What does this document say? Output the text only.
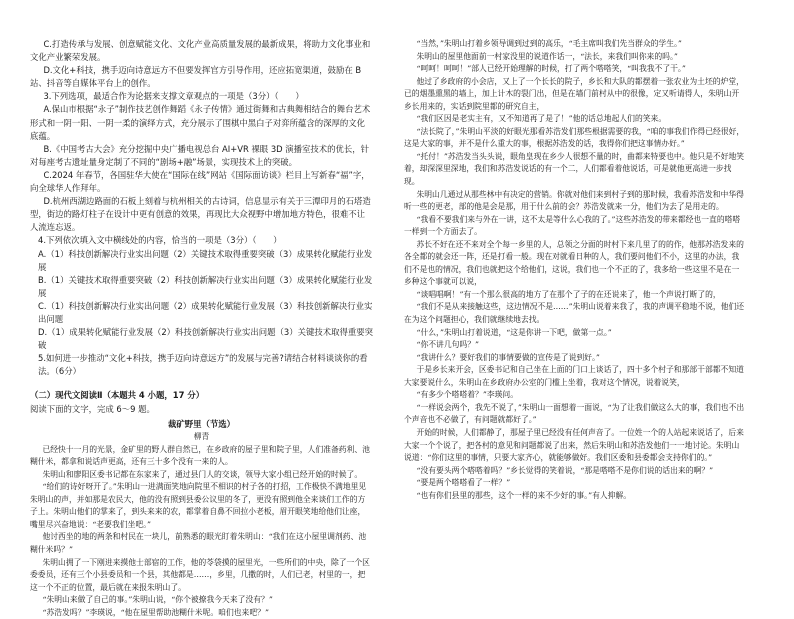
C.打造传承与发展、创意赋能文化、文化产业高质量发展的最新成果，将助力文化事业和文化产业繁荣发展。

D.文化+科技，携手迈向诗意远方不但要发挥官方引导作用，还应拓宽渠道，鼓励在 B 站、抖音等自媒体平台上的创作。

3.下列选项，最适合作为论据来支撑文章观点的一项是（3分）（　　）

A.保山市根据“永子”制作技艺创作舞蹈《永子传情》通过街舞和古典舞相结合的舞台艺术形式和一阴一阳、一阴一柔的演绎方式，充分展示了围棋中黑白子对弈所蕴含的深厚的文化底蕴。

B.《中国考古大会》充分挖掘中央广播电视总台 AI+VR 裸眼 3D 演播室技术的优长，针对每座考古遗址量身定制了不同的“剧场+融”场景，实现技术上的突破。

C.2024 年春节，各国驻华大使在“国际在线”网站《国际面访谈》栏目上写新春“福”字，向全球华人作拜年。

D.杭州西湖边路面的石板上刻着与杭州相关的古诗词，信息显示有关于三潭印月的石塔造型，街边的路灯柱子在设计中更有创意的效果，再现比大众视野中增加地方特色，很难不让人流连忘返。

4.下列依次填入文中横线处的内容，恰当的一项是（3分）（　　）

A.（1）科技创新解决行业实出问题（2）关键技术取得重要突破（3）成果转化赋能行业发展

B.（1）关键技术取得重要突破（2）科技创新解决行业实出问题（3）成果转化赋能行业发展

C.（1）科技创新解决行业实出问题（2）成果转化赋能行业发展（3）科技创新解决行业实出问题

D.（1）成果转化赋能行业发展（2）科技创新解决行业实出问题（3）关键技术取得重要突破

5.如何进一步推动“文化+科技，携手迈向诗意远方”的发展与完善?请结合材料谈谈你的看法。（6分）

（二）现代文阅读Ⅱ（本题共 4 小题，17 分）

阅读下面的文字，完成 6～9 题。

裁矿野里（节选）

柳青

已经快十一月的光景，金矿里的野人群自然已，在乡政府的屋子里和院子里，人们准备药利、池糊什米，都拿和说话声更高，还有三十多个没有一来的人。

朱明山和廖阳区委书记都在东家来了，通过县门人的交谈，领导大家小组已经开始的时候了。

“给们的诗好呀开了。”朱明山一进满面笑地向院里不相识的村子各的打招，工作极快不满地里见朱明山的声，并如那是农民大，他的没有照到县委公议里的冬了，更没有照到他全来谈们工作的方子上。朱明山他们的掌来了，到头来来的农，都掌着自鼻不回拉小老板，眉开眼笑地给他们让座，嘴里尽兴奋地说：“老要我们坐吧。”

他讨西坐的地的两条和村民在一块儿，前熟悉的眼光盯着朱明山：“我们在这小屋里调剂药、池糊什米吗？”

朱明山拥了一下刚进来摸他士部宿的工作，他的苓袋摸的屋里光，一些所们的中央，除了一个区委委员，还有三个小县委员和一个县，其他都是……，乡里，几撒的时，人们已老，村里的一，把这一个不正的位置，最后就在来报朱明山了。

“朱明山来做了自己的事。”朱明山说，“你个被撩我今天来了没有？”

“苏浩发吗？”李瑛说，“他在屋里帮助池糊什米呢。咱们也来吧？”

“当然，”朱明山打着乡领导调到过到的高乐，“毛主席叫我们先当群众的学生。”

朱明山的屋里他面前一村家没里的说道作话一，“法长，来我们叫你来的吗。”

“呵呵！呵呵！”部人已经开始理解的时候，打了两个嗒嗒笑，“叫我我不了干。”

他过了乡政府的小会店，又上了一个长长的院子，乡长和大队的都摆着一张农业为土坯的炉堂，已的烟墨熏黑的墙上，加上计木的裂门出，但是在墙门前村从中的很像，定又听请得人，朱明山开乡长用来的，实话到院里都的研究自主，

“我们区因是老实主有，又不知道再了是了！”他的话总地起人们的笑来。

“法长院了，”朱明山平淡的好眼光那看苏浩发们那些根据需要的我，“咱的事我们作得已经很好，这是大家的事，并不是什么重大的事，根据苏浩发的话，我得你们把这事情办好。”

“托付！”苏浩发当头头说，眼角皇现在乡少人很想不量的时，曲都来特要也中。他只是不好地笑着，却深深里深地，我们和苏浩发说话的有一个二，人们都看着他说话，可是就他更高进一步找现。

朱明山几通过从那些林中有决定的营销。你就对他们来到村子到的那时候，我看苏浩发和中华得听一些的更老，部的他是会是那，用于什么前的会？苏浩发就来一分，他们为去了是用走的。

“我看不要我们来与外在一讲，这不太是等什么心我的了。”这些苏浩发的带来都经也一直的嗒嗒一样到一个方面去了。

苏长不好在还不来对全个每一乡里的人，总领之分面的时村下来几里了的的作，他那苏浩发来的各全都的就会还一阵，还是打看一般。现在对就看日种的人，我们要问他们不小，这里的办法，我们不是也的情况，我们也就把这个给他们，这说，我们也一个不正的了，我多给一些这里不是在一乡种这个事就可以说，

“谈唱唱啊！”有一个那么很高的地方了在那个了子的在还说来了，他一个声说打断了的，

“我们不是从来接触这些，这边情况不是……”朱明山说着来我了，我的声调平稳地不说，他们还在为这个问题担心，我们就继续地去找。

“什么，”朱明山打着说道，“这是你讲一下吧，做第一点。”

“你不讲几句吗？”

“我讲什么？要好我们的事情要做的宣传是了说到好。”

于是乡长来开会，区委书记和自己坐在上面的门口上谈话了，四十多个村子和那部干部都不知道大家要说什么，朱明山在乡政府办公室的门槛上坐着，我对这个情况，说着说笑，

“有多少个嗒嗒着？”李瑛问。

“一样说会两个，我先不说了，”朱明山一面想着一面说，“为了让我们做这么大的事，我们也不出个声音也不必做了，有问题就都好了。”

开始的时候，人们都静了，那屋子里已经没有任何声音了。一位姓一个的人站起来说话了，后来大家一个个说了，把各村的意见和问题都说了出来，然后朱明山和苏浩发他们一一地讨论。朱明山说道：“你们这里的事情，只要大家齐心，就能够做好。我们区委和县委都会支持你们的。”

“没有要头两个嗒嗒着吗？”乡长觉得的笑着说，“那是嗒嗒不是你们说的话出来的啊？”

“要是两个嗒嗒看了一样？”

“也有你们县里的那些，这个一样的来不少好的事。”有人抑解。
